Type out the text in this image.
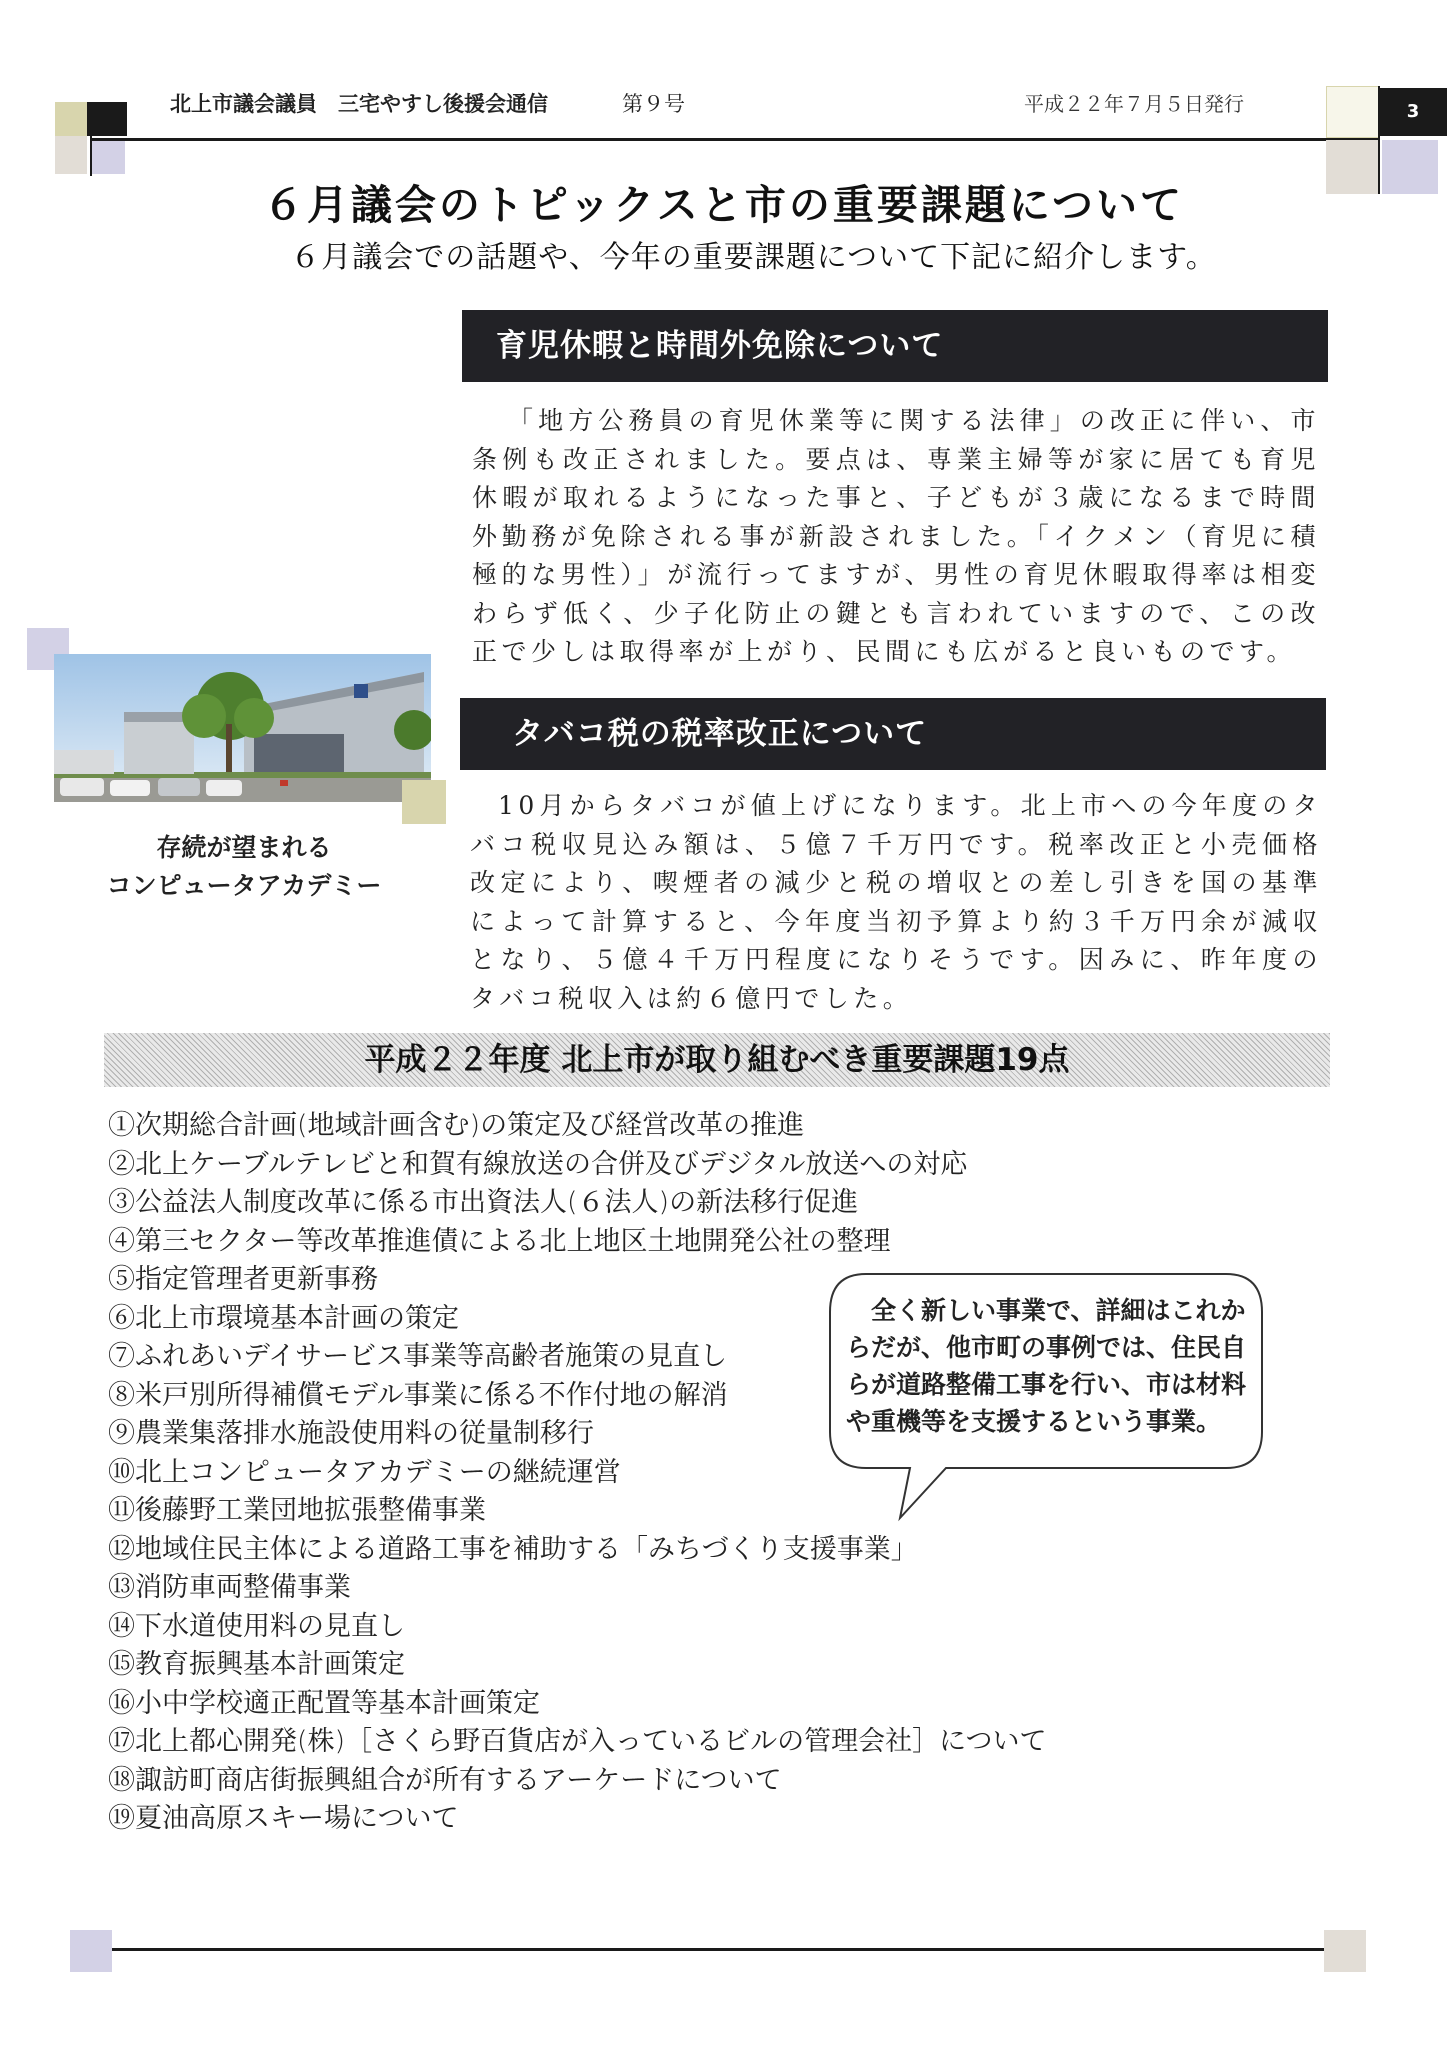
北上市議会議員　三宅やすし後援会通信	第９号	平成２２年７月５日発行	3
６月議会のトピックスと市の重要課題について
６月議会での話題や、今年の重要課題について下記に紹介します。
育児休暇と時間外免除について
「地方公務員の育児休業等に関する法律」の改正に伴い、市条例も改正されました。要点は、専業主婦等が家に居ても育児休暇が取れるようになった事と、子どもが３歳になるまで時間外勤務が免除される事が新設されました。「イクメン（育児に積極的な男性）」が流行ってますが、男性の育児休暇取得率は相変わらず低く、少子化防止の鍵とも言われていますので、この改正で少しは取得率が上がり、民間にも広がると良いものです。
存続が望まれる
コンピュータアカデミー
タバコ税の税率改正について
10月からタバコが値上げになります。北上市への今年度のタバコ税収見込み額は、５億７千万円です。税率改正と小売価格改定により、喫煙者の減少と税の増収との差し引きを国の基準によって計算すると、今年度当初予算より約３千万円余が減収となり、５億４千万円程度になりそうです。因みに、昨年度のタバコ税収入は約６億円でした。
平成２２年度 北上市が取り組むべき重要課題19点
①次期総合計画(地域計画含む)の策定及び経営改革の推進
②北上ケーブルテレビと和賀有線放送の合併及びデジタル放送への対応
③公益法人制度改革に係る市出資法人(６法人)の新法移行促進
④第三セクター等改革推進債による北上地区土地開発公社の整理
⑤指定管理者更新事務
⑥北上市環境基本計画の策定
⑦ふれあいデイサービス事業等高齢者施策の見直し
⑧米戸別所得補償モデル事業に係る不作付地の解消
⑨農業集落排水施設使用料の従量制移行
⑩北上コンピュータアカデミーの継続運営
⑪後藤野工業団地拡張整備事業
⑫地域住民主体による道路工事を補助する「みちづくり支援事業」
⑬消防車両整備事業
⑭下水道使用料の見直し
⑮教育振興基本計画策定
⑯小中学校適正配置等基本計画策定
⑰北上都心開発(株)［さくら野百貨店が入っているビルの管理会社］について
⑱諏訪町商店街振興組合が所有するアーケードについて
⑲夏油高原スキー場について
　全く新しい事業で、詳細はこれからだが、他市町の事例では、住民自らが道路整備工事を行い、市は材料や重機等を支援するという事業。
